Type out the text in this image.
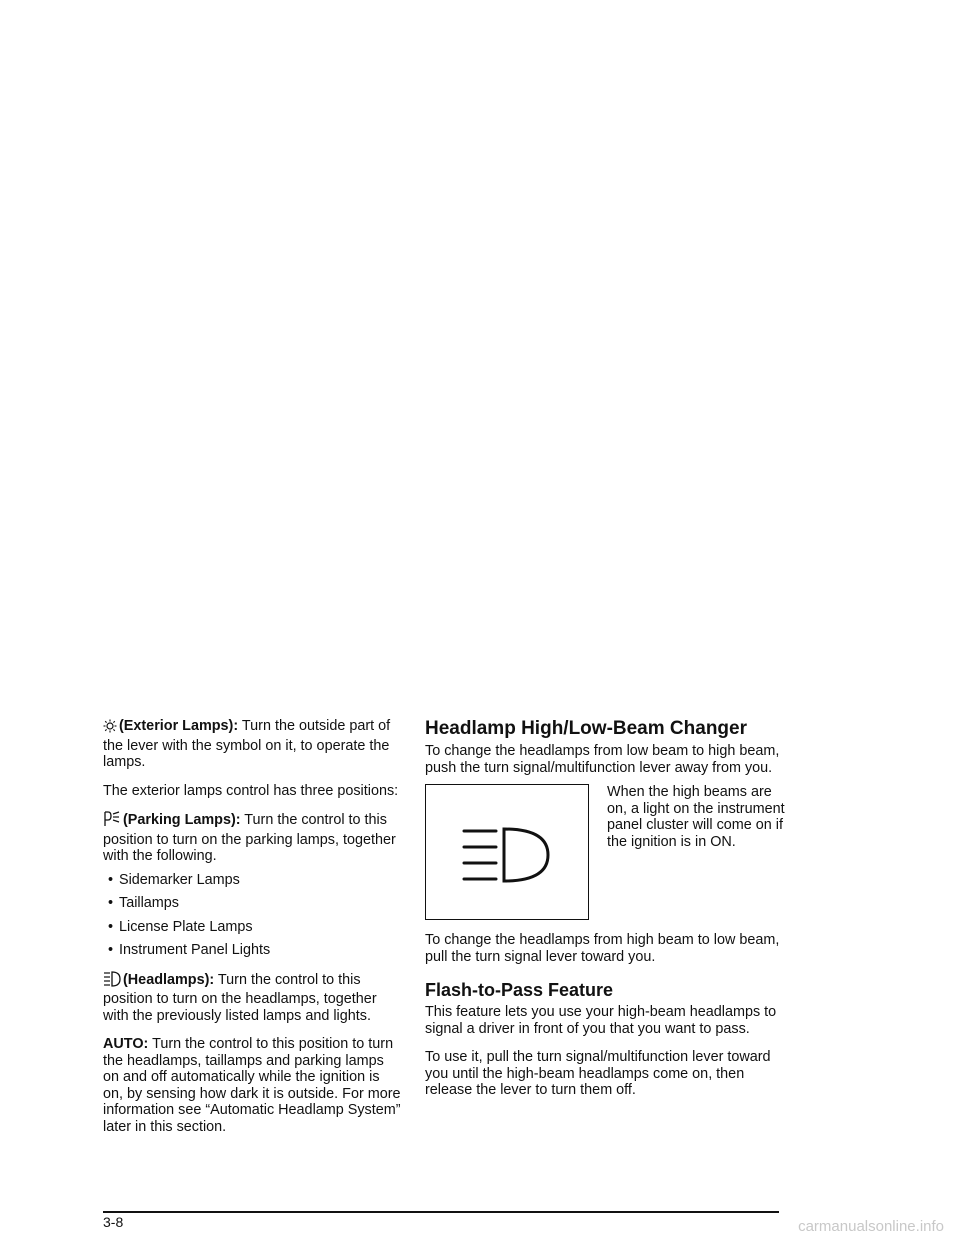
(Exterior Lamps): Turn the outside part of the lever with the symbol on it, to operate the lamps.

The exterior lamps control has three positions:

(Parking Lamps): Turn the control to this position to turn on the parking lamps, together with the following.

• Sidemarker Lamps
• Taillamps
• License Plate Lamps
• Instrument Panel Lights

(Headlamps): Turn the control to this position to turn on the headlamps, together with the previously listed lamps and lights.

AUTO: Turn the control to this position to turn the headlamps, taillamps and parking lamps on and off automatically while the ignition is on, by sensing how dark it is outside. For more information see “Automatic Headlamp System” later in this section.

Headlamp High/Low-Beam Changer

To change the headlamps from low beam to high beam, push the turn signal/multifunction lever away from you.

When the high beams are on, a light on the instrument panel cluster will come on if the ignition is in ON.

To change the headlamps from high beam to low beam, pull the turn signal lever toward you.

Flash-to-Pass Feature

This feature lets you use your high-beam headlamps to signal a driver in front of you that you want to pass.

To use it, pull the turn signal/multifunction lever toward you until the high-beam headlamps come on, then release the lever to turn them off.

3-8	carmanualsonline.info
